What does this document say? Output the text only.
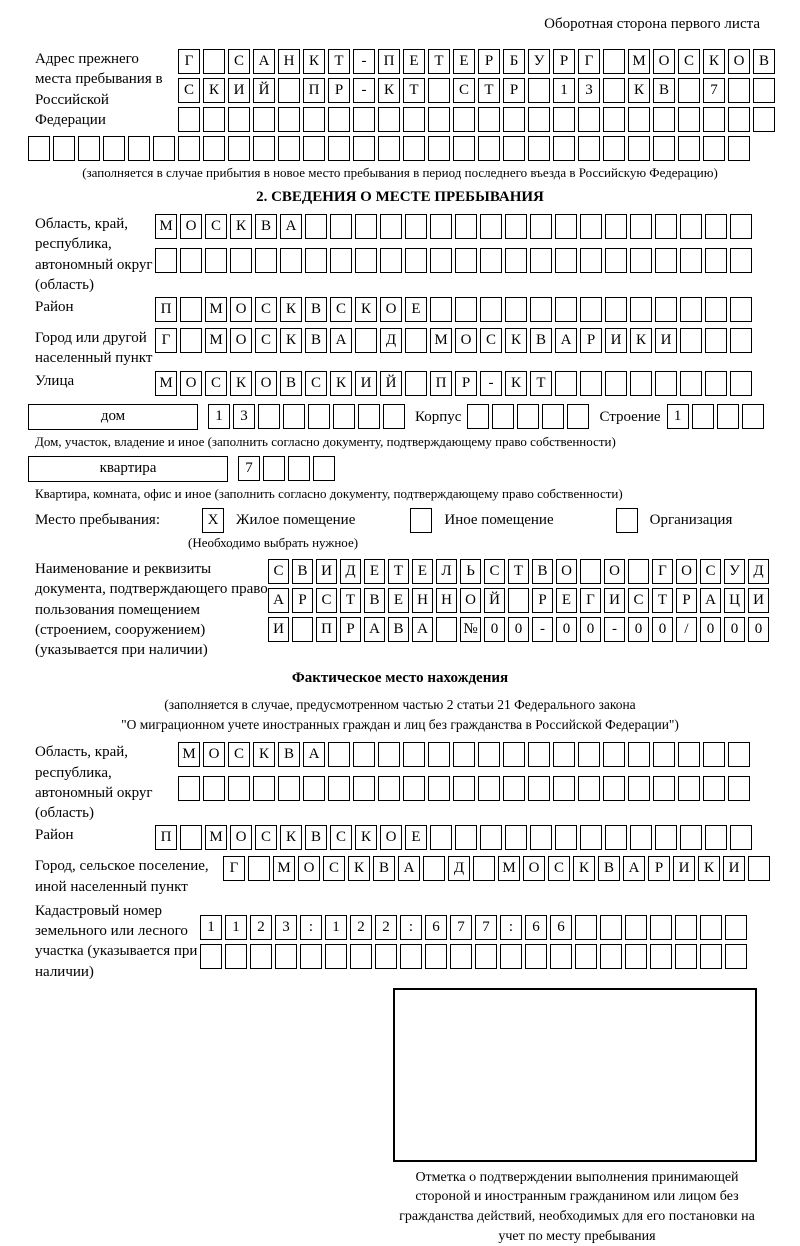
Оборотная сторона первого листа
Адрес прежнего места пребывания в Российской Федерации
Г	С А Н К	Т	-	П Е	Т	Е	Р	Б	У	Р	Г	М О С К О В
С К И Й	П	Р	-	К	Т	С	Т	Р	1	3	К В	7
(заполняется в случае прибытия в новое место пребывания в период последнего въезда в Российскую Федерацию)
2. СВЕДЕНИЯ О МЕСТЕ ПРЕБЫВАНИЯ
Область, край, республика, автономный округ (область)
М О С К В А
Район	П	М О С К В С К О Е
Город или другой населенный пункт
Г	М О С К В А	Д	М О С К В А	Р	И К И
Улица	М О С К О В С К И Й	П	Р	-	К	Т
дом	1	3	Корпус	Строение 1
Дом, участок, владение и иное (заполнить согласно документу, подтверждающему право собственности)
квартира	7
Квартира, комната, офис и иное (заполнить согласно документу, подтверждающему право собственности)
Место пребывания:	X	Жилое помещение	Иное помещение	Организация
(Необходимо выбрать нужное)
Наименование и реквизиты документа, подтверждающего право пользования помещением (строением, сооружением) (указывается при наличии)
С В И Д Е Т Е Л Ь С Т В О	О	Г О С У Д
А Р С Т В Е Н Н О Й	Р	Е	Г И С Т	Р А Ц И
И	П Р А В А	№ 0	0	-	0	0	-	0	0	/	0	0	0
Фактическое место нахождения
(заполняется в случае, предусмотренном частью 2 статьи 21 Федерального закона
"О миграционном учете иностранных граждан и лиц без гражданства в Российской Федерации")
Область, край, республика, автономный округ (область)
М О С К В А
Район	П	М О С К В С К О Е
Город, сельское поселение, иной населенный пункт
Г	М О С К В А	Д	М О С К В А	Р	И К И
Кадастровый номер земельного или лесного участка (указывается при наличии)
1	1	2	3	:	1	2	2	:	6	7	7	:	6	6
Отметка о подтверждении выполнения принимающей стороной и иностранным гражданином или лицом без гражданства действий, необходимых для его постановки на учет по месту пребывания
